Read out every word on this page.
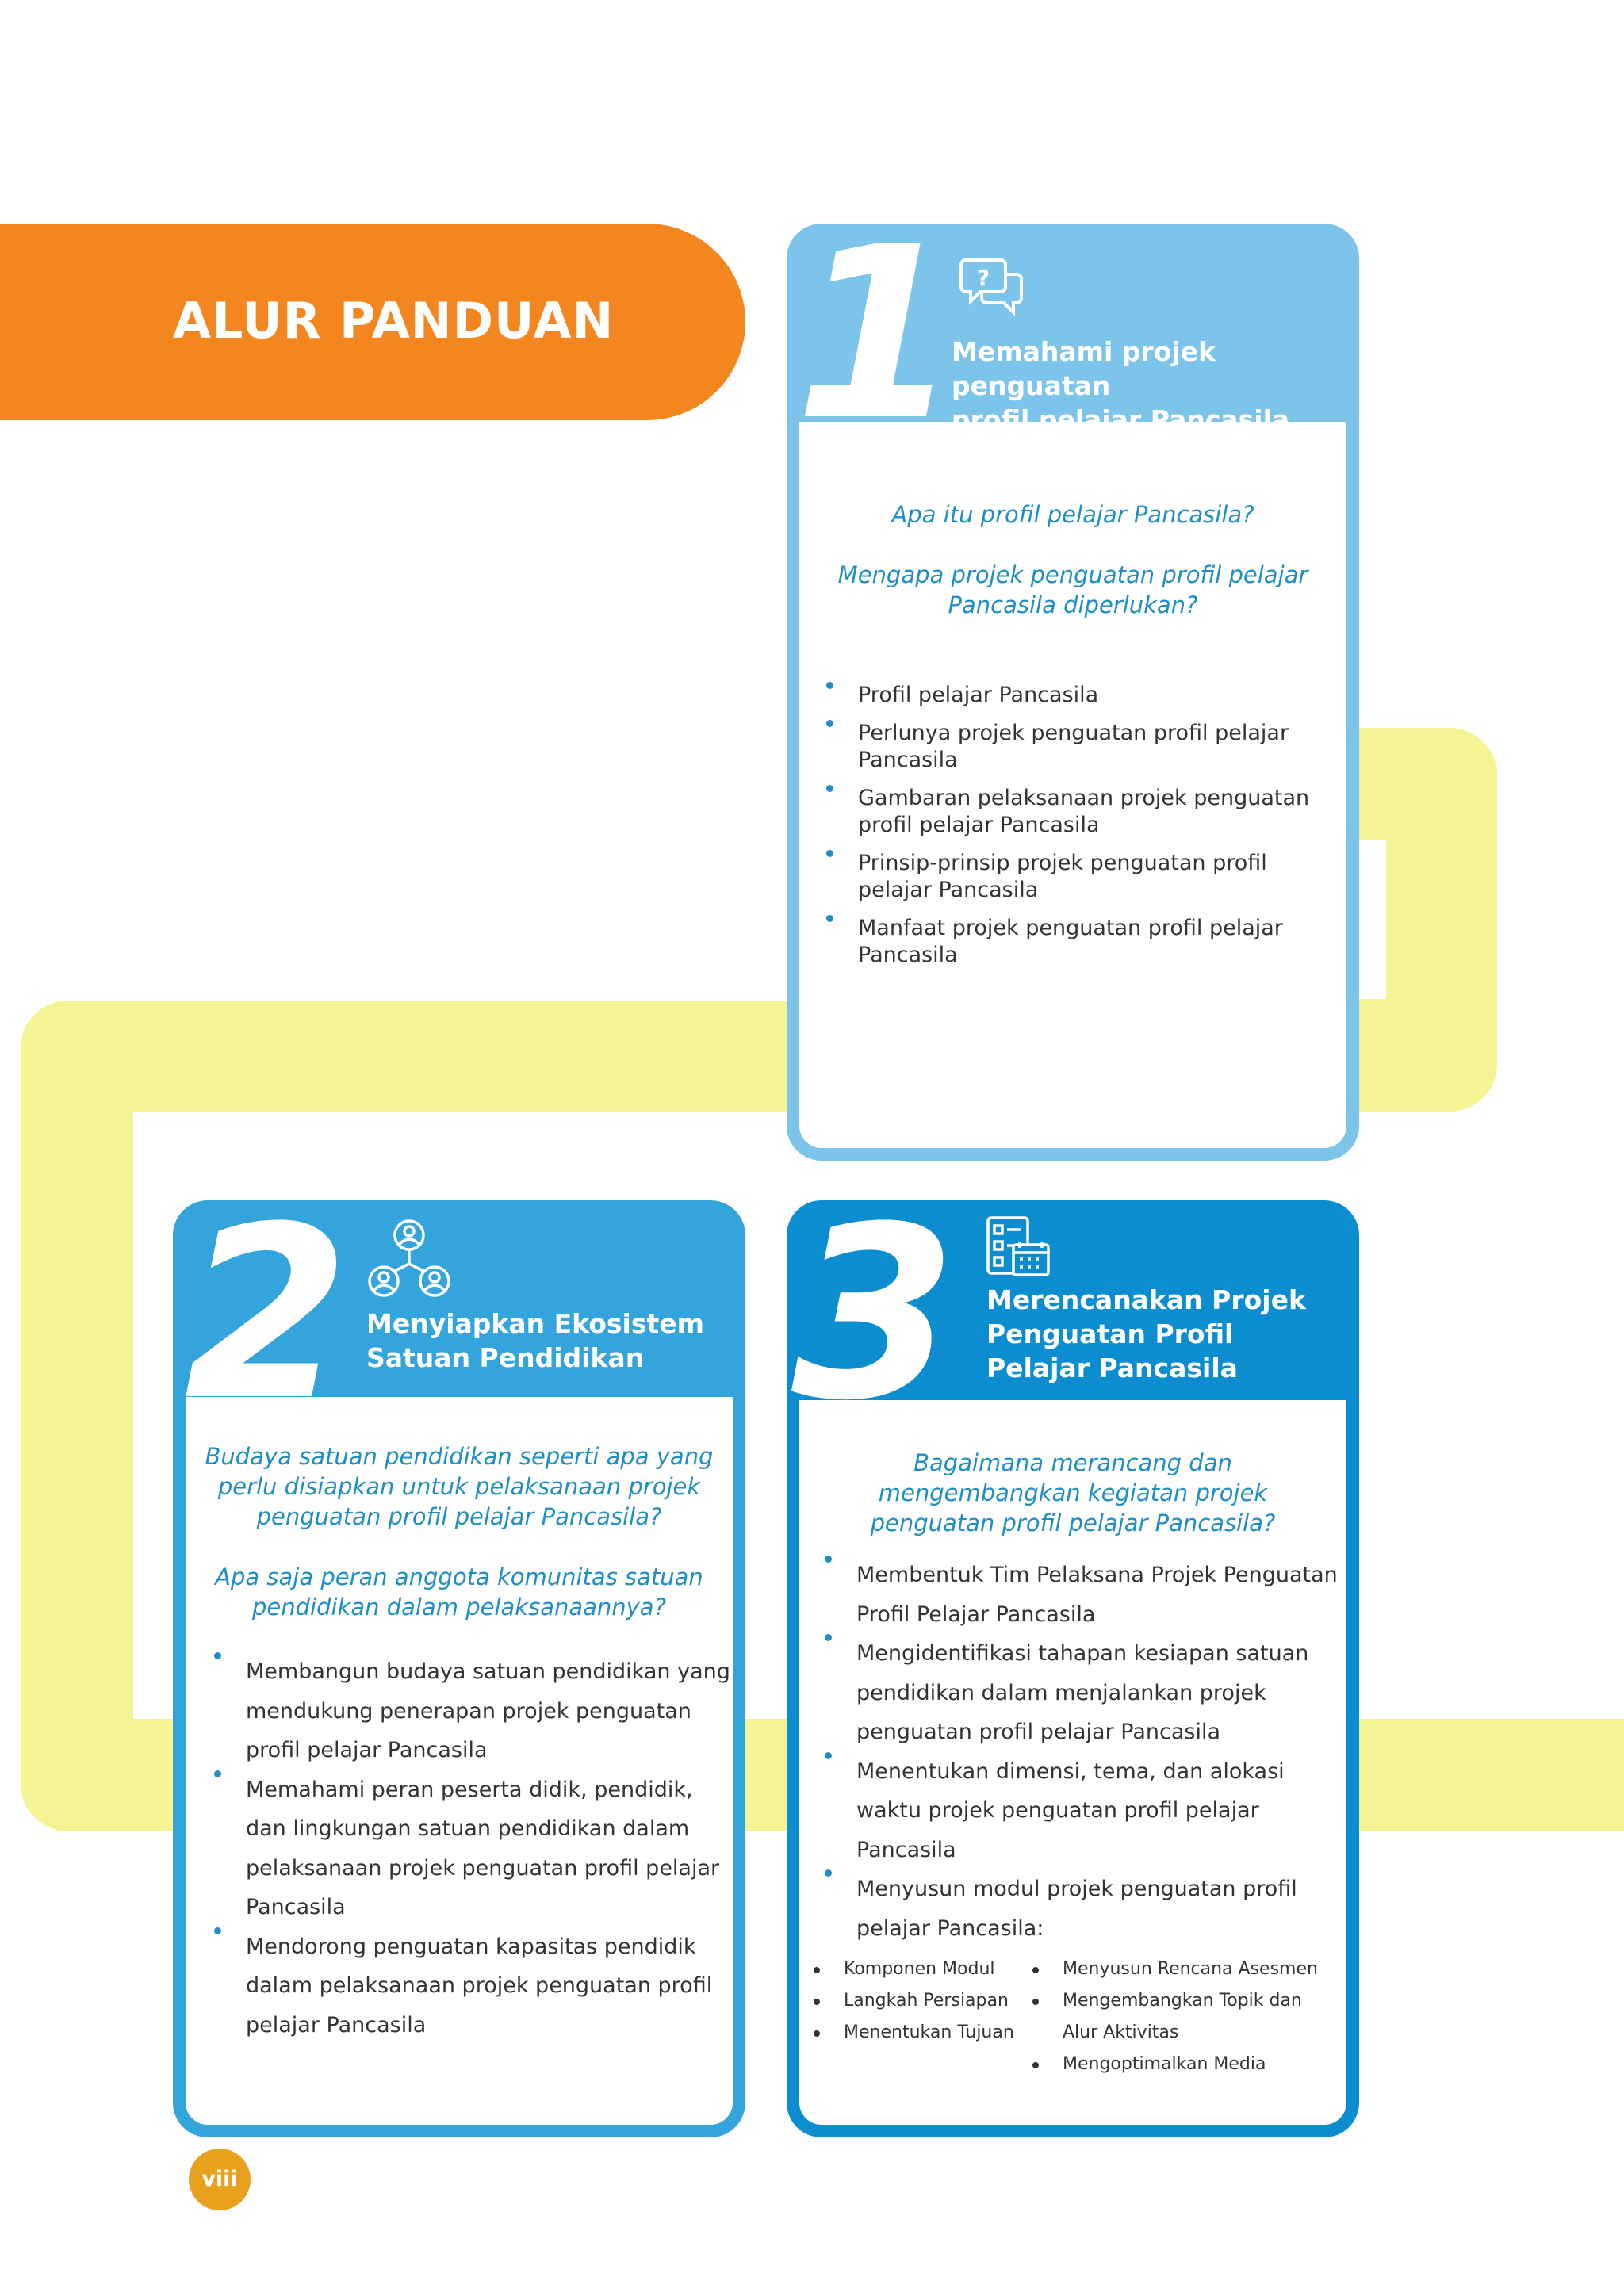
ALUR PANDUAN 1 ?
Memahami projek penguatan
profil pelajar Pancasila
Apa itu profil pelajar Pancasila?
Mengapa projek penguatan profil pelajar
Pancasila diperlukan?
Profil pelajar Pancasila
Perlunya projek penguatan profil pelajar
Pancasila
Gambaran pelaksanaan projek penguatan
profil pelajar Pancasila
Prinsip-prinsip projek penguatan profil
pelajar Pancasila
Manfaat projek penguatan profil pelajar
Pancasila
2 Menyiapkan Ekosistem
Satuan Pendidikan
Budaya satuan pendidikan seperti apa yang
perlu disiapkan untuk pelaksanaan projek
penguatan profil pelajar Pancasila?
Apa saja peran anggota komunitas satuan
pendidikan dalam pelaksanaannya?
Membangun budaya satuan pendidikan yang
mendukung penerapan projek penguatan
profil pelajar Pancasila
Memahami peran peserta didik, pendidik,
dan lingkungan satuan pendidikan dalam
pelaksanaan projek penguatan profil pelajar
Pancasila
Mendorong penguatan kapasitas pendidik
dalam pelaksanaan projek penguatan profil
pelajar Pancasila
3 Merencanakan Projek
Penguatan Profil
Pelajar Pancasila
Bagaimana merancang dan
mengembangkan kegiatan projek
penguatan profil pelajar Pancasila?
Membentuk Tim Pelaksana Projek Penguatan
Profil Pelajar Pancasila
Mengidentifikasi tahapan kesiapan satuan
pendidikan dalam menjalankan projek
penguatan profil pelajar Pancasila
Menentukan dimensi, tema, dan alokasi
waktu projek penguatan profil pelajar
Pancasila
Menyusun modul projek penguatan profil
pelajar Pancasila:
Komponen Modul
Langkah Persiapan
Menentukan Tujuan
Menyusun Rencana Asesmen
Mengembangkan Topik dan
Alur Aktivitas
Mengoptimalkan Media
viii
